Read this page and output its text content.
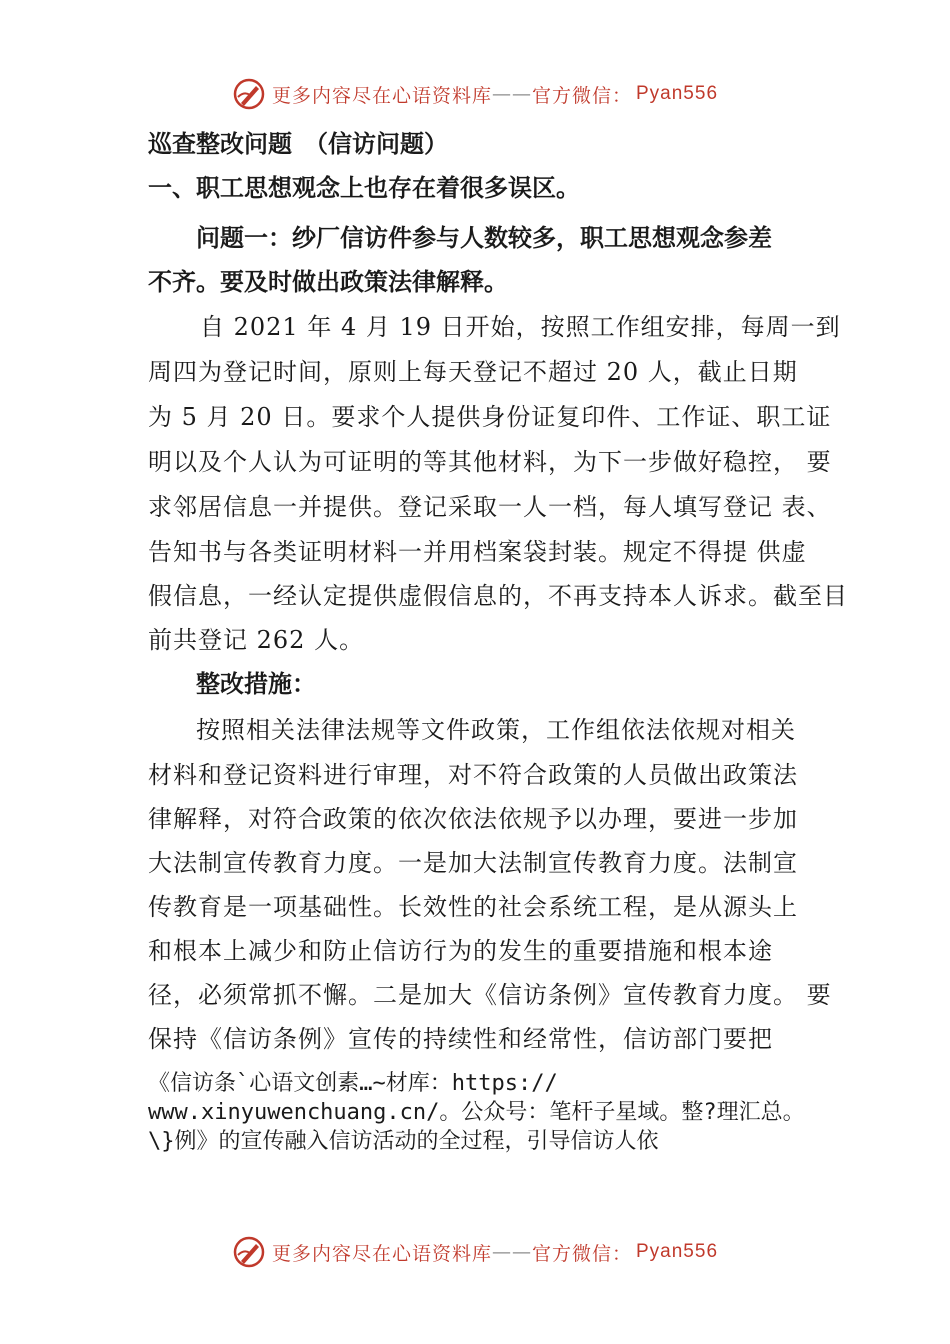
更多内容尽在心语资料库 —— 官方微信： Pyan556
巡查整改问题　（信访问题）
一、职工思想观念上也存在着很多误区。
问题一：纱厂信访件参与人数较多，职工思想观念参差
不齐。要及时做出政策法律解释。
自 2021 年 4 月 19 日开始，按照工作组安排，每周一到
周四为登记时间，原则上每天登记不超过 20 人，截止日期
为 5 月 20 日。要求个人提供身份证复印件、工作证、职工证
明以及个人认为可证明的等其他材料，为下一步做好稳控， 要
求邻居信息一并提供。登记采取一人一档，每人填写登记 表、
告知书与各类证明材料一并用档案袋封装。规定不得提 供虚
假信息，一经认定提供虚假信息的，不再支持本人诉求。截至目
前共登记 262 人。
整改措施：
按照相关法律法规等文件政策，工作组依法依规对相关
材料和登记资料进行审理，对不符合政策的人员做出政策法
律解释，对符合政策的依次依法依规予以办理，要进一步加
大法制宣传教育力度。一是加大法制宣传教育力度。法制宣
传教育是一项基础性。长效性的社会系统工程，是从源头上
和根本上减少和防止信访行为的发生的重要措施和根本途
径，必须常抓不懈。二是加大《信访条例》宣传教育力度。 要
保持《信访条例》宣传的持续性和经常性，信访部门要把
《信访条`心语文创素…~材库：https://
www.xinyuwenchuang.cn/。公众号：笔杆子星域。整?理汇总。
\}例》的宣传融入信访活动的全过程，引导信访人依
更多内容尽在心语资料库 —— 官方微信： Pyan556
